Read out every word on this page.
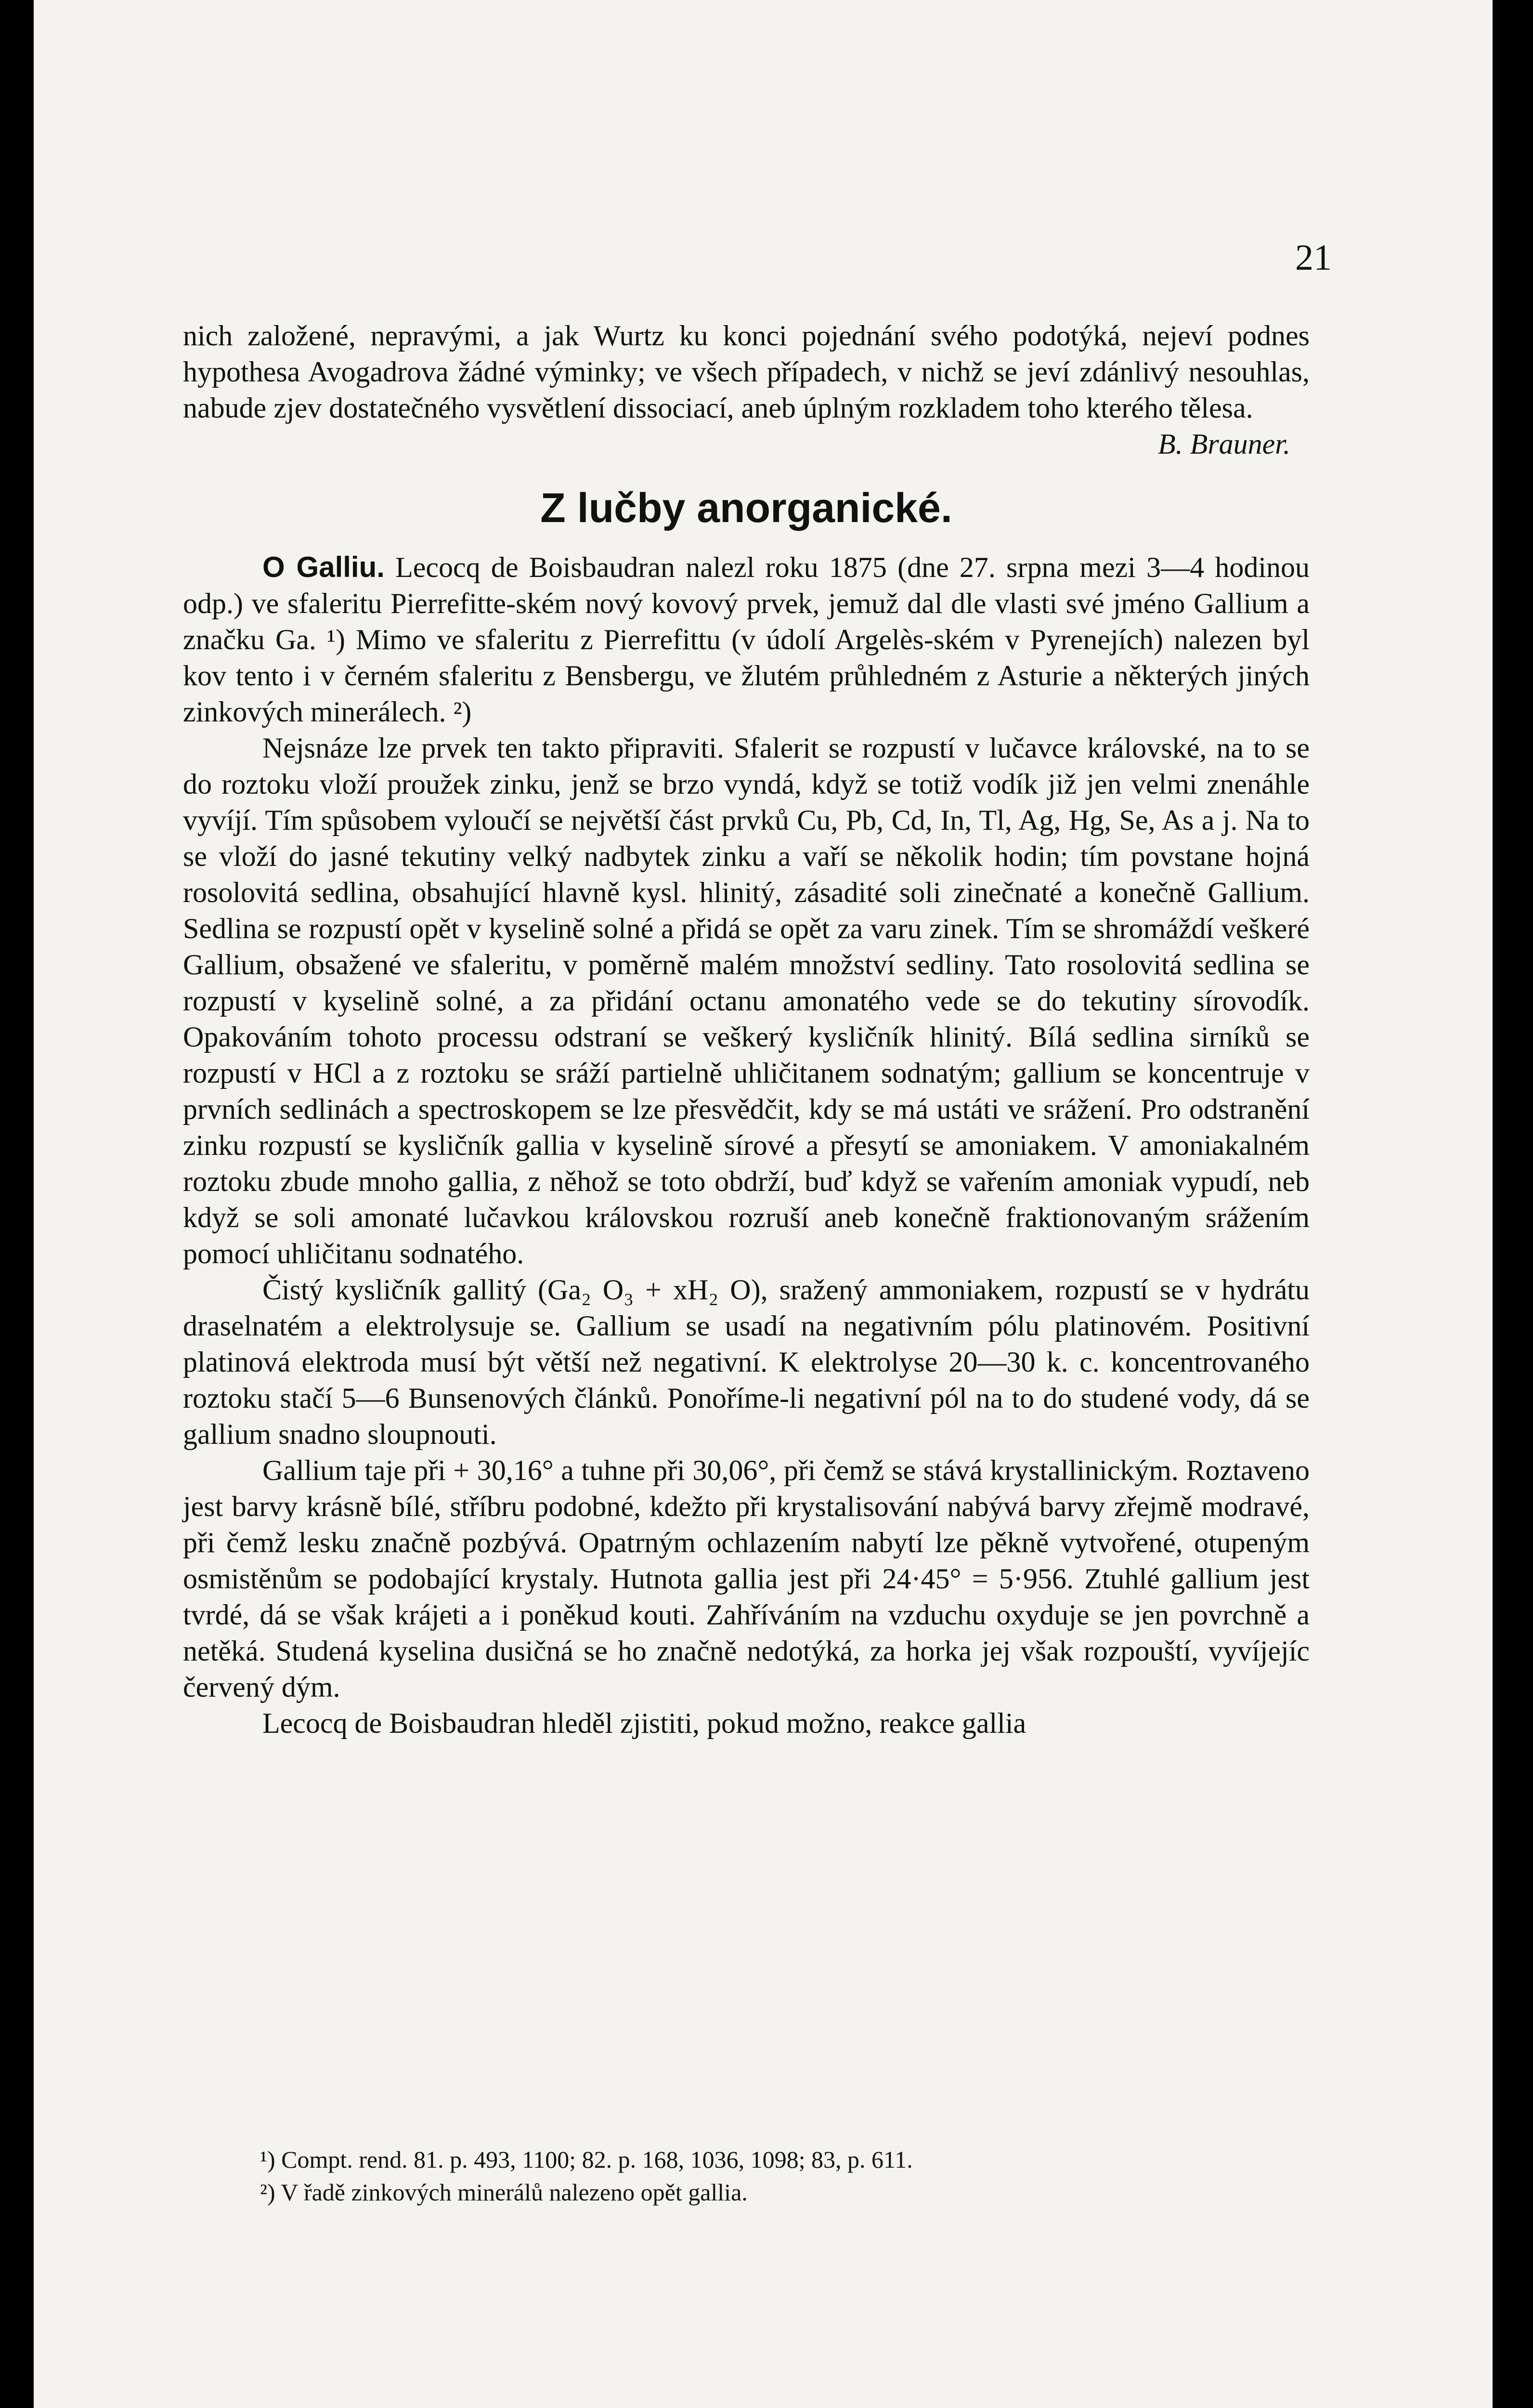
21

nich založené, nepravými, a jak Wurtz ku konci pojednání svého podotýká, nejeví podnes hypothesa Avogadrova žádné výminky; ve všech případech, v nichž se jeví zdánlivý nesouhlas, nabude zjev dostatečného vysvětlení dissociací, aneb úplným rozkladem toho kterého tělesa.

B. Brauner.

Z lučby anorganické.

O Galliu. Lecocq de Boisbaudran nalezl roku 1875 (dne 27. srpna mezi 3—4 hodinou odp.) ve sfaleritu Pierrefitte-ském nový kovový prvek, jemuž dal dle vlasti své jméno Gallium a značku Ga. ¹) Mimo ve sfaleritu z Pierrefittu (v údolí Argelès-ském v Pyrenejích) nalezen byl kov tento i v černém sfaleritu z Bensbergu, ve žlutém průhledném z Asturie a některých jiných zinkových minerálech. ²)

Nejsnáze lze prvek ten takto připraviti. Sfalerit se rozpustí v lučavce královské, na to se do roztoku vloží proužek zinku, jenž se brzo vyndá, když se totiž vodík již jen velmi znenáhle vyvíjí. Tím spůsobem vyloučí se největší část prvků Cu, Pb, Cd, In, Tl, Ag, Hg, Se, As a j. Na to se vloží do jasné tekutiny velký nadbytek zinku a vaří se několik hodin; tím povstane hojná rosolovitá sedlina, obsahující hlavně kysl. hlinitý, zásadité soli zinečnaté a konečně Gallium. Sedlina se rozpustí opět v kyselině solné a přidá se opět za varu zinek. Tím se shromáždí veškeré Gallium, obsažené ve sfaleritu, v poměrně malém množství sedliny. Tato rosolovitá sedlina se rozpustí v kyselině solné, a za přidání octanu amonatého vede se do tekutiny sírovodík. Opakováním tohoto processu odstraní se veškerý kysličník hlinitý. Bílá sedlina sirníků se rozpustí v HCl a z roztoku se sráží partielně uhličitanem sodnatým; gallium se koncentruje v prvních sedlinách a spectroskopem se lze přesvědčit, kdy se má ustáti ve srážení. Pro odstranění zinku rozpustí se kysličník gallia v kyselině sírové a přesytí se amoniakem. V amoniakalném roztoku zbude mnoho gallia, z něhož se toto obdrží, buď když se vařením amoniak vypudí, neb když se soli amonaté lučavkou královskou rozruší aneb konečně fraktionovaným srážením pomocí uhličitanu sodnatého.

Čistý kysličník gallitý (Ga₂ O₃ + xH₂ O), sražený ammoniakem, rozpustí se v hydrátu draselnatém a elektrolysuje se. Gallium se usadí na negativním pólu platinovém. Positivní platinová elektroda musí být větší než negativní. K elektrolyse 20—30 k. c. koncentrovaného roztoku stačí 5—6 Bunsenových článků. Ponoříme-li negativní pól na to do studené vody, dá se gallium snadno sloupnouti.

Gallium taje při + 30,16° a tuhne při 30,06°, při čemž se stává krystallinickým. Roztaveno jest barvy krásně bílé, stříbru podobné, kdežto při krystalisování nabývá barvy zřejmě modravé, při čemž lesku značně pozbývá. Opatrným ochlazením nabytí lze pěkně vytvořené, otupeným osmistěnům se podobající krystaly. Hutnota gallia jest při 24·45° = 5·956. Ztuhlé gallium jest tvrdé, dá se však krájeti a i poněkud kouti. Zahříváním na vzduchu oxyduje se jen povrchně a netěká. Studená kyselina dusičná se ho značně nedotýká, za horka jej však rozpouští, vyvíjejíc červený dým.

Lecocq de Boisbaudran hleděl zjistiti, pokud možno, reakce gallia

¹) Compt. rend. 81. p. 493, 1100; 82. p. 168, 1036, 1098; 83, p. 611.

²) V řadě zinkových minerálů nalezeno opět gallia.
